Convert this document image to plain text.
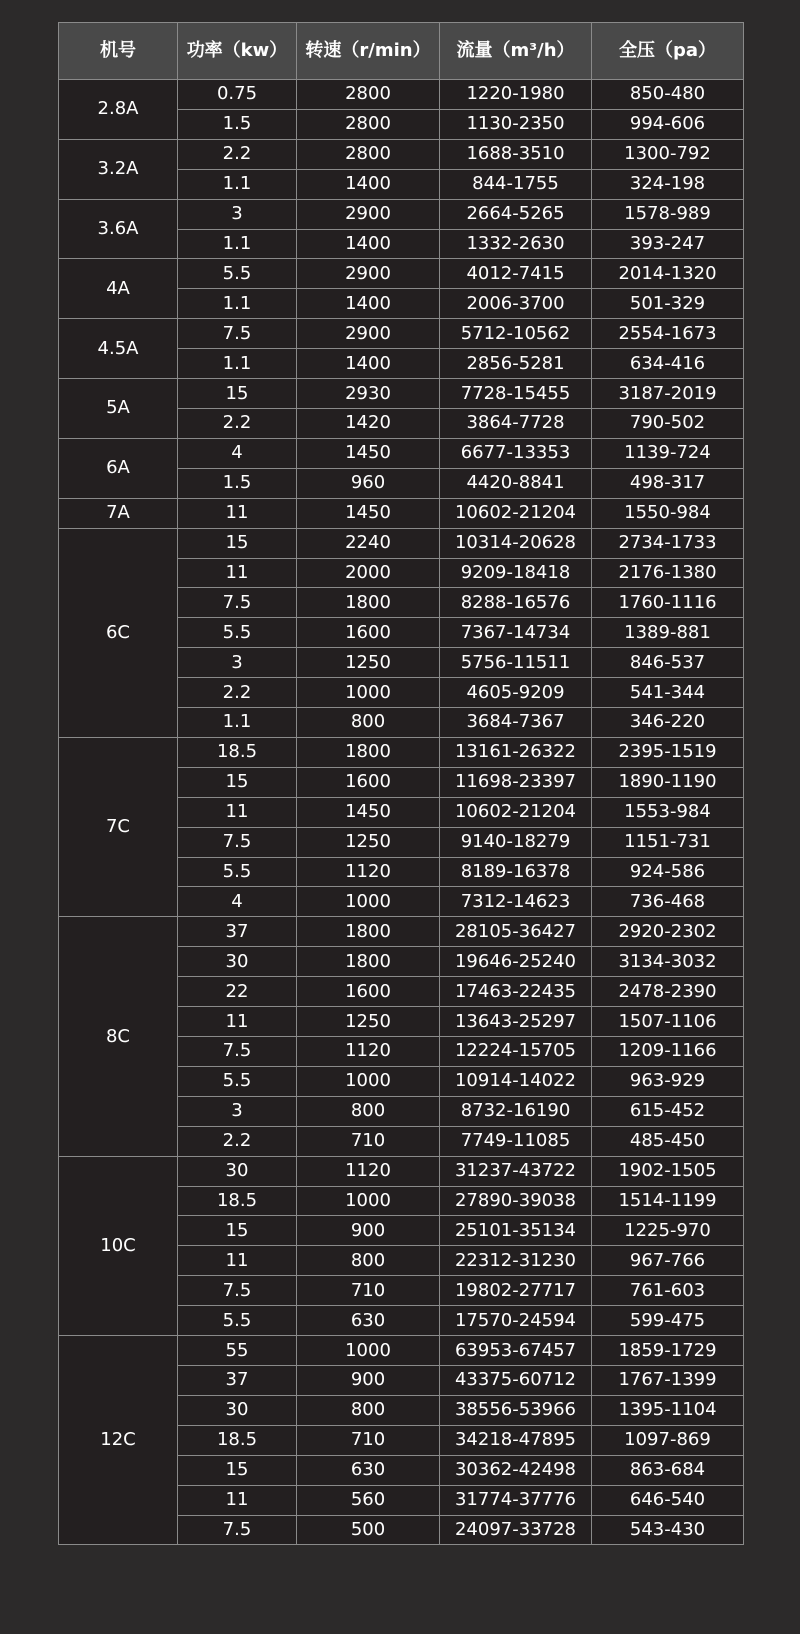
机号	功率（kw）	转速（r/min）	流量（m³/h）	全压（pa）
2.8A	0.75	2800	1220-1980	850-480
	1.5	2800	1130-2350	994-606
3.2A	2.2	2800	1688-3510	1300-792
	1.1	1400	844-1755	324-198
3.6A	3	2900	2664-5265	1578-989
	1.1	1400	1332-2630	393-247
4A	5.5	2900	4012-7415	2014-1320
	1.1	1400	2006-3700	501-329
4.5A	7.5	2900	5712-10562	2554-1673
	1.1	1400	2856-5281	634-416
5A	15	2930	7728-15455	3187-2019
	2.2	1420	3864-7728	790-502
6A	4	1450	6677-13353	1139-724
	1.5	960	4420-8841	498-317
7A	11	1450	10602-21204	1550-984
6C	15	2240	10314-20628	2734-1733
	11	2000	9209-18418	2176-1380
	7.5	1800	8288-16576	1760-1116
	5.5	1600	7367-14734	1389-881
	3	1250	5756-11511	846-537
	2.2	1000	4605-9209	541-344
	1.1	800	3684-7367	346-220
7C	18.5	1800	13161-26322	2395-1519
	15	1600	11698-23397	1890-1190
	11	1450	10602-21204	1553-984
	7.5	1250	9140-18279	1151-731
	5.5	1120	8189-16378	924-586
	4	1000	7312-14623	736-468
8C	37	1800	28105-36427	2920-2302
	30	1800	19646-25240	3134-3032
	22	1600	17463-22435	2478-2390
	11	1250	13643-25297	1507-1106
	7.5	1120	12224-15705	1209-1166
	5.5	1000	10914-14022	963-929
	3	800	8732-16190	615-452
	2.2	710	7749-11085	485-450
10C	30	1120	31237-43722	1902-1505
	18.5	1000	27890-39038	1514-1199
	15	900	25101-35134	1225-970
	11	800	22312-31230	967-766
	7.5	710	19802-27717	761-603
	5.5	630	17570-24594	599-475
12C	55	1000	63953-67457	1859-1729
	37	900	43375-60712	1767-1399
	30	800	38556-53966	1395-1104
	18.5	710	34218-47895	1097-869
	15	630	30362-42498	863-684
	11	560	31774-37776	646-540
	7.5	500	24097-33728	543-430
